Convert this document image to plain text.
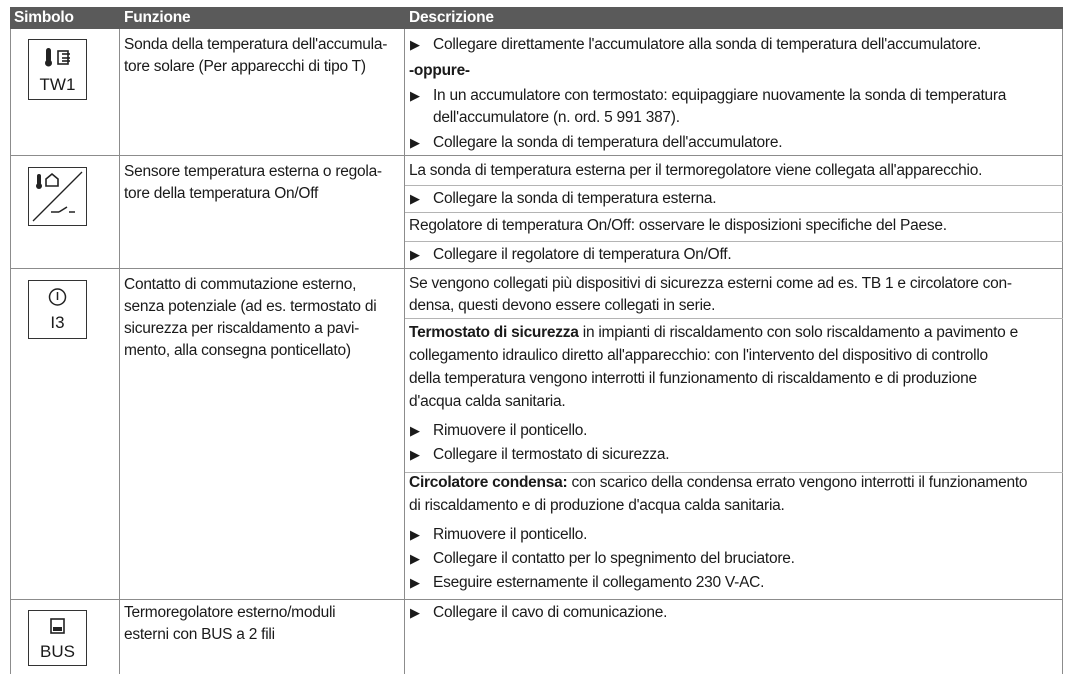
Simbolo	Funzione	Descrizione
TW1
Sonda della temperatura dell'accumula-
tore solare (Per apparecchi di tipo T)
▶ Collegare direttamente l'accumulatore alla sonda di temperatura dell'accumulatore.
-oppure-
▶ In un accumulatore con termostato: equipaggiare nuovamente la sonda di temperatura
dell'accumulatore (n. ord. 5 991 387).
▶ Collegare la sonda di temperatura dell'accumulatore.
Sensore temperatura esterna o regola-
tore della temperatura On/Off
La sonda di temperatura esterna per il termoregolatore viene collegata all'apparecchio.
▶ Collegare la sonda di temperatura esterna.
Regolatore di temperatura On/Off: osservare le disposizioni specifiche del Paese.
▶ Collegare il regolatore di temperatura On/Off.
I3
Contatto di commutazione esterno,
senza potenziale (ad es. termostato di
sicurezza per riscaldamento a pavi-
mento, alla consegna ponticellato)
Se vengono collegati più dispositivi di sicurezza esterni come ad es. TB 1 e circolatore con-
densa, questi devono essere collegati in serie.
Termostato di sicurezza in impianti di riscaldamento con solo riscaldamento a pavimento e
collegamento idraulico diretto all'apparecchio: con l'intervento del dispositivo di controllo
della temperatura vengono interrotti il funzionamento di riscaldamento e di produzione
d'acqua calda sanitaria.
▶ Rimuovere il ponticello.
▶ Collegare il termostato di sicurezza.
Circolatore condensa: con scarico della condensa errato vengono interrotti il funzionamento
di riscaldamento e di produzione d'acqua calda sanitaria.
▶ Rimuovere il ponticello.
▶ Collegare il contatto per lo spegnimento del bruciatore.
▶ Eseguire esternamente il collegamento 230 V-AC.
BUS
Termoregolatore esterno/moduli
esterni con BUS a 2 fili
▶ Collegare il cavo di comunicazione.
